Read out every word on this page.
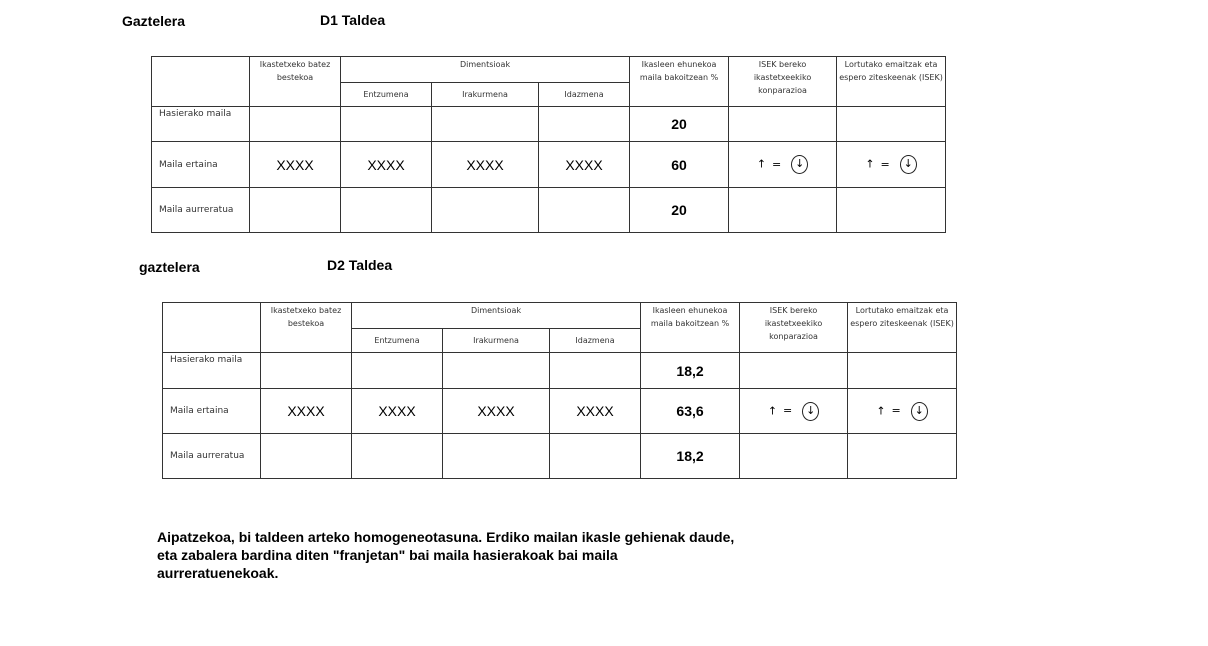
Gaztelera	D1 Taldea
	Ikastetxeko batez bestekoa	Dimentsioak			Ikasleen ehunekoa maila bakoitzean %	ISEK bereko ikastetxeekiko konparazioa	Lortutako emaitzak eta espero ziteskeenak (ISEK)
		Entzumena	Irakurmena	Idazmena			
Hasierako maila					20		
Maila ertaina	XXXX	XXXX	XXXX	XXXX	60	↑ = ↓	↑ = ↓
Maila aurreratua					20		
gaztelera	D2 Taldea
	Ikastetxeko batez bestekoa	Dimentsioak			Ikasleen ehunekoa maila bakoitzean %	ISEK bereko ikastetxeekiko konparazioa	Lortutako emaitzak eta espero ziteskeenak (ISEK)
		Entzumena	Irakurmena	Idazmena			
Hasierako maila					18,2		
Maila ertaina	XXXX	XXXX	XXXX	XXXX	63,6	↑ = ↓	↑ = ↓
Maila aurreratua					18,2		
Aipatzekoa, bi taldeen arteko homogeneotasuna. Erdiko mailan ikasle gehienak daude,
eta zabalera bardina diten "franjetan" bai maila hasierakoak bai maila
aurreratuenekoak.
